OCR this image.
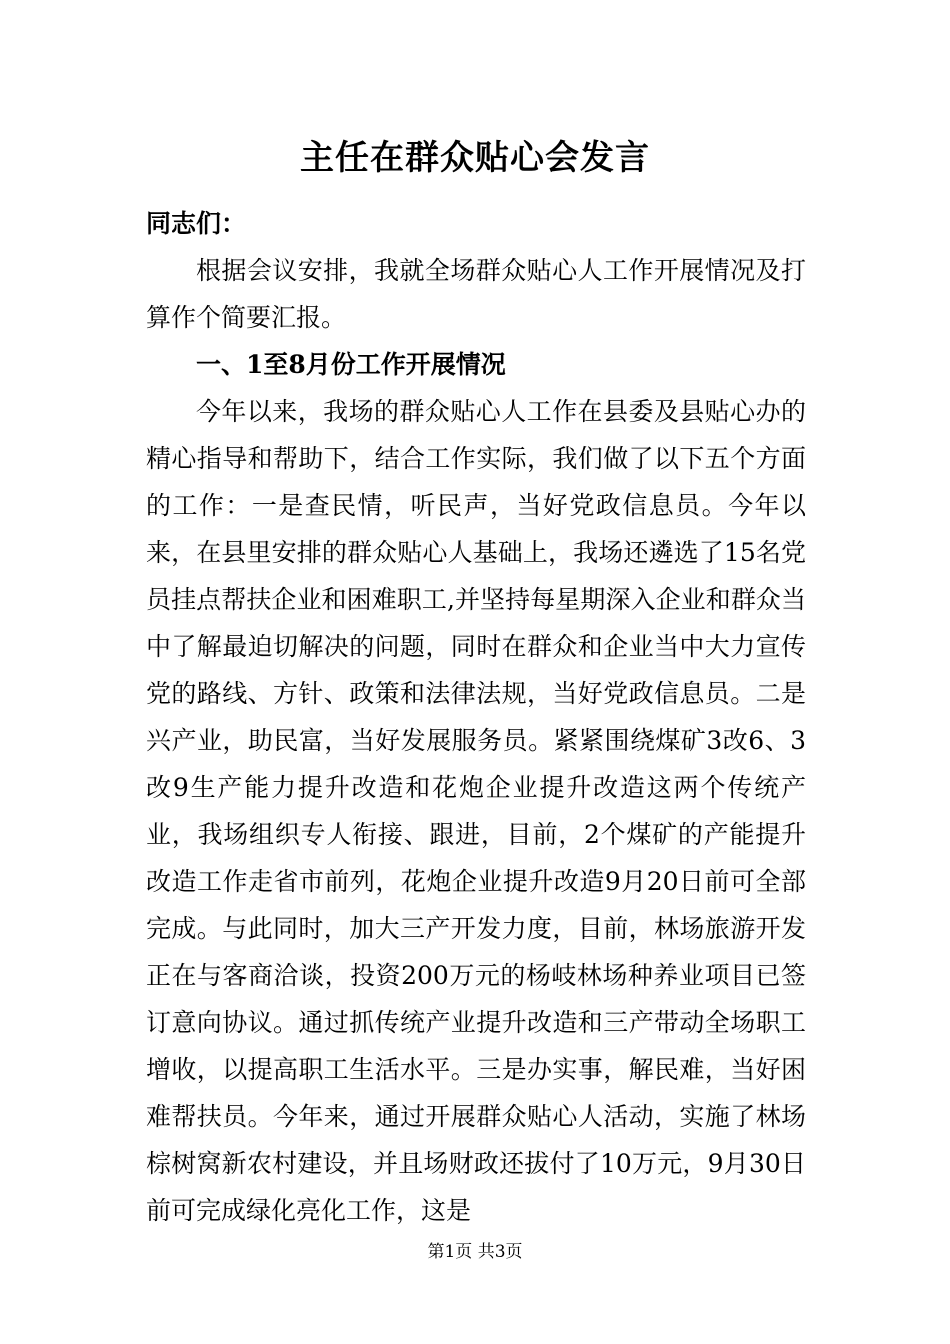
主任在群众贴心会发言

同志们：

根据会议安排，我就全场群众贴心人工作开展情况及打算作个简要汇报。

一、1至8月份工作开展情况

今年以来，我场的群众贴心人工作在县委及县贴心办的精心指导和帮助下，结合工作实际，我们做了以下五个方面的工作：一是查民情，听民声，当好党政信息员。今年以来，在县里安排的群众贴心人基础上，我场还遴选了15名党员挂点帮扶企业和困难职工,并坚持每星期深入企业和群众当中了解最迫切解决的问题，同时在群众和企业当中大力宣传党的路线、方针、政策和法律法规，当好党政信息员。二是兴产业，助民富，当好发展服务员。紧紧围绕煤矿3改6、3改9生产能力提升改造和花炮企业提升改造这两个传统产业，我场组织专人衔接、跟进，目前，2个煤矿的产能提升改造工作走省市前列，花炮企业提升改造9月20日前可全部完成。与此同时，加大三产开发力度，目前，林场旅游开发正在与客商洽谈，投资200万元的杨岐林场种养业项目已签订意向协议。通过抓传统产业提升改造和三产带动全场职工增收，以提高职工生活水平。三是办实事，解民难，当好困难帮扶员。今年来，通过开展群众贴心人活动，实施了林场棕树窝新农村建设，并且场财政还拔付了10万元，9月30日前可完成绿化亮化工作，这是

第1页 共3页
